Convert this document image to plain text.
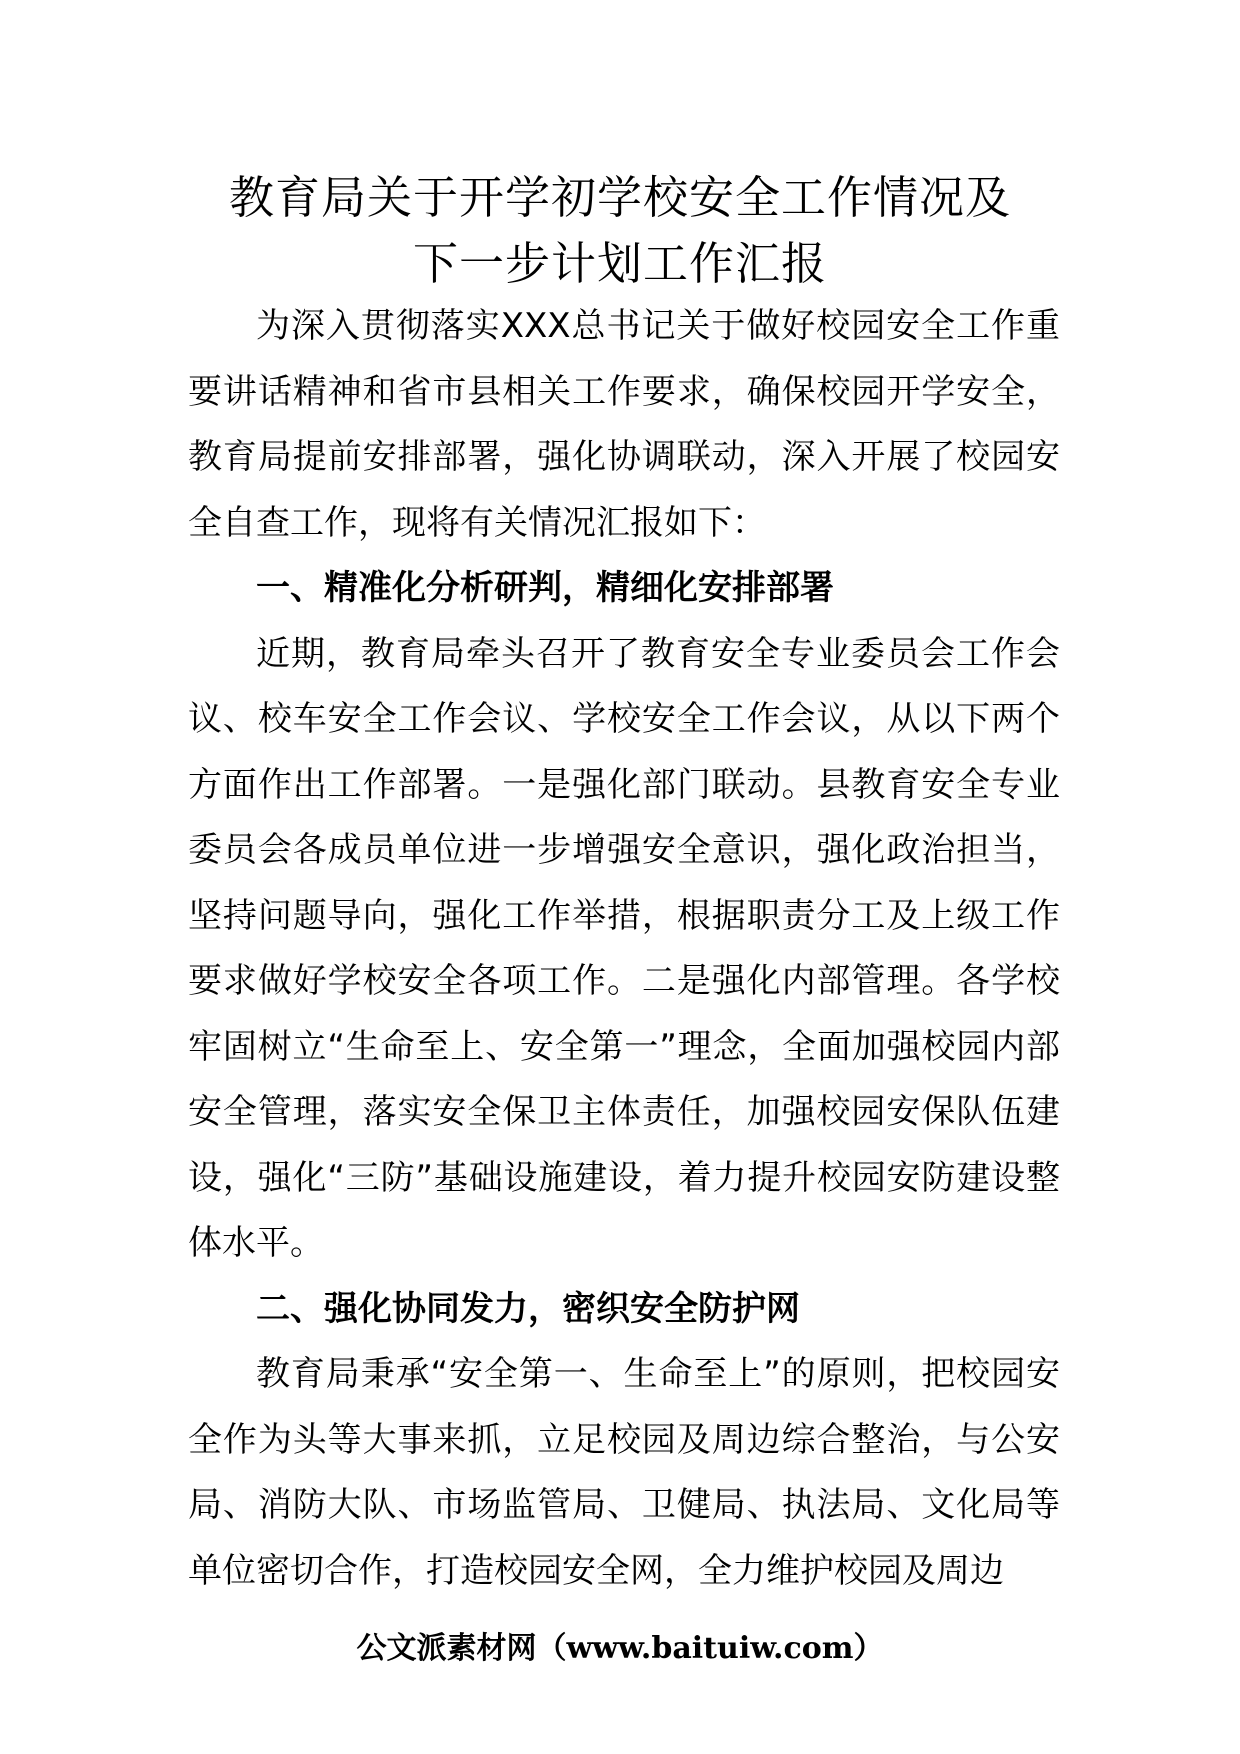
教育局关于开学初学校安全工作情况及
下一步计划工作汇报

为深入贯彻落实XXX总书记关于做好校园安全工作重要讲话精神和省市县相关工作要求，确保校园开学安全，教育局提前安排部署，强化协调联动，深入开展了校园安全自查工作，现将有关情况汇报如下：

一、精准化分析研判，精细化安排部署

近期，教育局牵头召开了教育安全专业委员会工作会议、校车安全工作会议、学校安全工作会议，从以下两个方面作出工作部署。一是强化部门联动。县教育安全专业委员会各成员单位进一步增强安全意识，强化政治担当，坚持问题导向，强化工作举措，根据职责分工及上级工作要求做好学校安全各项工作。二是强化内部管理。各学校牢固树立“生命至上、安全第一”理念，全面加强校园内部安全管理，落实安全保卫主体责任，加强校园安保队伍建设，强化“三防”基础设施建设，着力提升校园安防建设整体水平。

二、强化协同发力，密织安全防护网

教育局秉承“安全第一、生命至上”的原则，把校园安全作为头等大事来抓，立足校园及周边综合整治，与公安局、消防大队、市场监管局、卫健局、执法局、文化局等单位密切合作，打造校园安全网，全力维护校园及周边

公文派素材网（www.baituiw.com）
